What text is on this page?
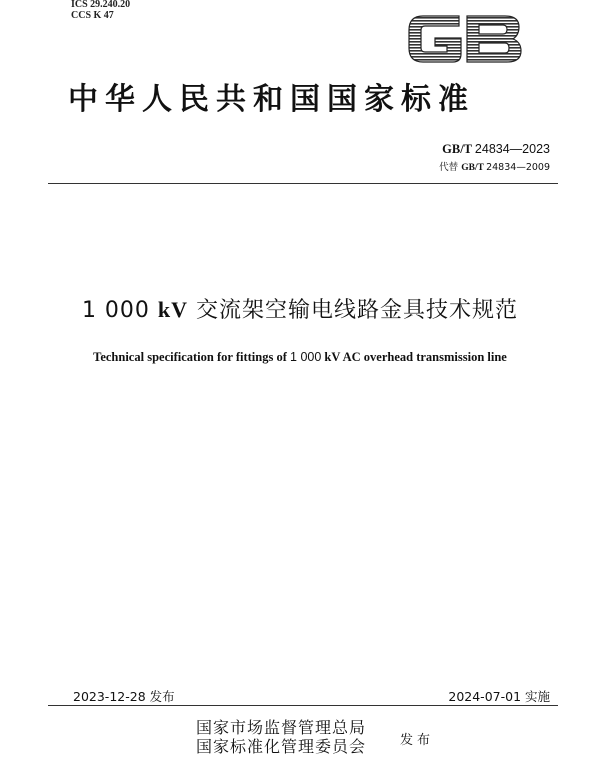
ICS 29.240.20
CCS K 47
中华人民共和国国家标准
GB/T 24834—2023
代替 GB/T 24834—2009
1 000 kV 交流架空输电线路金具技术规范
Technical specification for fittings of 1 000 kV AC overhead transmission line
2023-12-28 发布	2024-07-01 实施
国家市场监督管理总局
国家标准化管理委员会	发布
